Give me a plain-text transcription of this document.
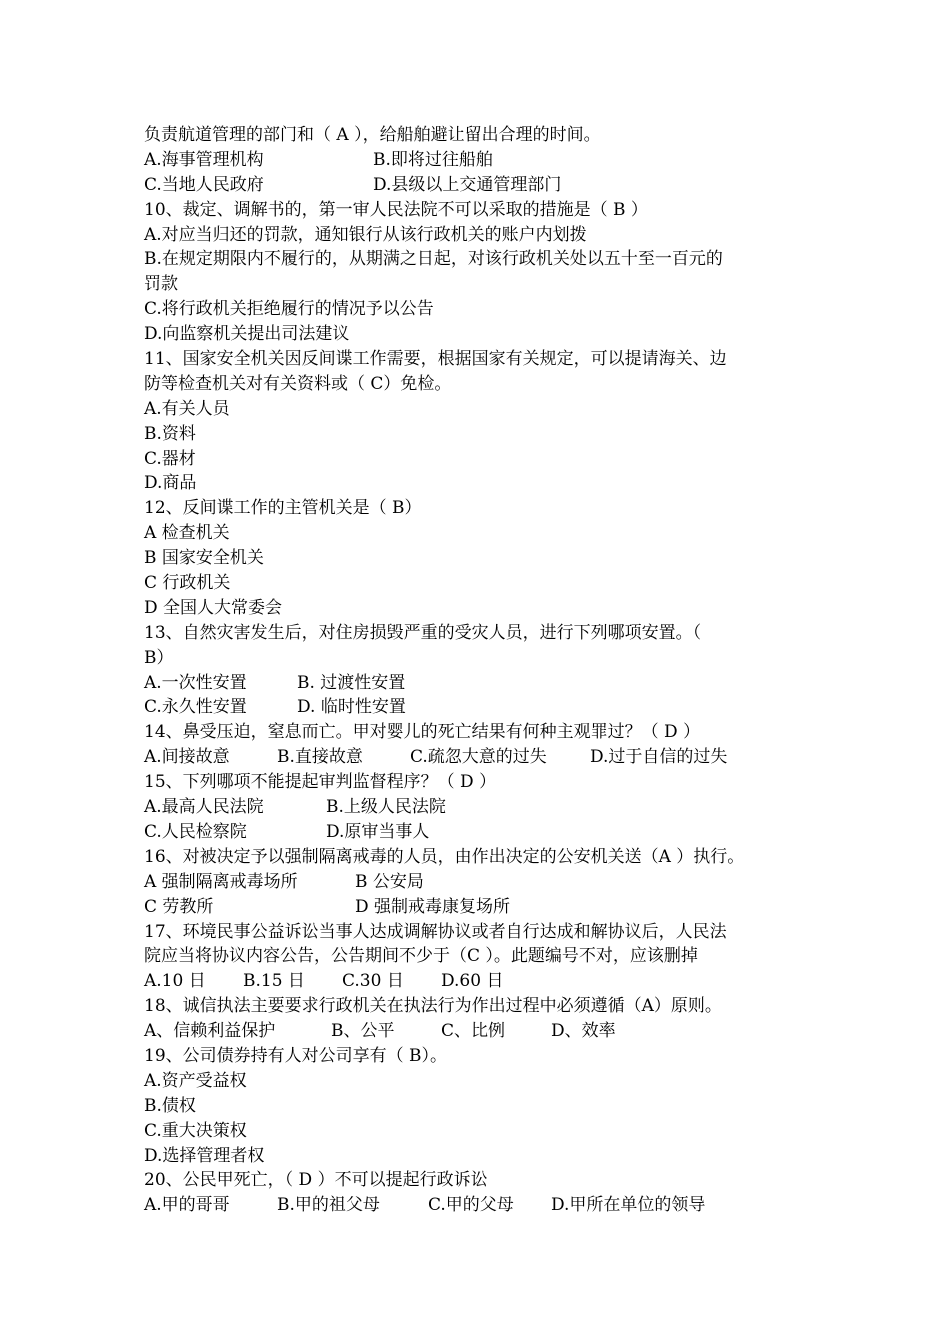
负责航道管理的部门和（ A ），给船舶避让留出合理的时间。
A.海事管理机构	B.即将过往船舶
C.当地人民政府	D.县级以上交通管理部门
10、裁定、调解书的，第一审人民法院不可以采取的措施是（ B ）
A.对应当归还的罚款，通知银行从该行政机关的账户内划拨
B.在规定期限内不履行的，从期满之日起，对该行政机关处以五十至一百元的
罚款
C.将行政机关拒绝履行的情况予以公告
D.向监察机关提出司法建议
11、国家安全机关因反间谍工作需要，根据国家有关规定，可以提请海关、边
防等检查机关对有关资料或（ C）免检。
A.有关人员
B.资料
C.器材
D.商品
12、反间谍工作的主管机关是（ B）
A 检查机关
B 国家安全机关
C 行政机关
D 全国人大常委会
13、自然灾害发生后，对住房损毁严重的受灾人员，进行下列哪项安置。（
B）
A.一次性安置	B. 过渡性安置
C.永久性安置	D. 临时性安置
14、鼻受压迫，窒息而亡。甲对婴儿的死亡结果有何种主观罪过？（ D ）
A.间接故意	B.直接故意	C.疏忽大意的过失	D.过于自信的过失
15、下列哪项不能提起审判监督程序？（ D ）
A.最高人民法院	B.上级人民法院
C.人民检察院	D.原审当事人
16、对被决定予以强制隔离戒毒的人员，由作出决定的公安机关送（A ）执行。
A 强制隔离戒毒场所	B 公安局
C 劳教所	D 强制戒毒康复场所
17、环境民事公益诉讼当事人达成调解协议或者自行达成和解协议后，人民法
院应当将协议内容公告，公告期间不少于（C ）。此题编号不对，应该删掉
A.10 日 B.15 日 C.30 日 D.60 日
18、诚信执法主要要求行政机关在执法行为作出过程中必须遵循（A）原则。
A、信赖利益保护	B、公平	C、比例	D、效率
19、公司债券持有人对公司享有（ B）。
A.资产受益权
B.债权
C.重大决策权
D.选择管理者权
20、公民甲死亡，（ D ）不可以提起行政诉讼
A.甲的哥哥	B.甲的祖父母	C.甲的父母 D.甲所在单位的领导
